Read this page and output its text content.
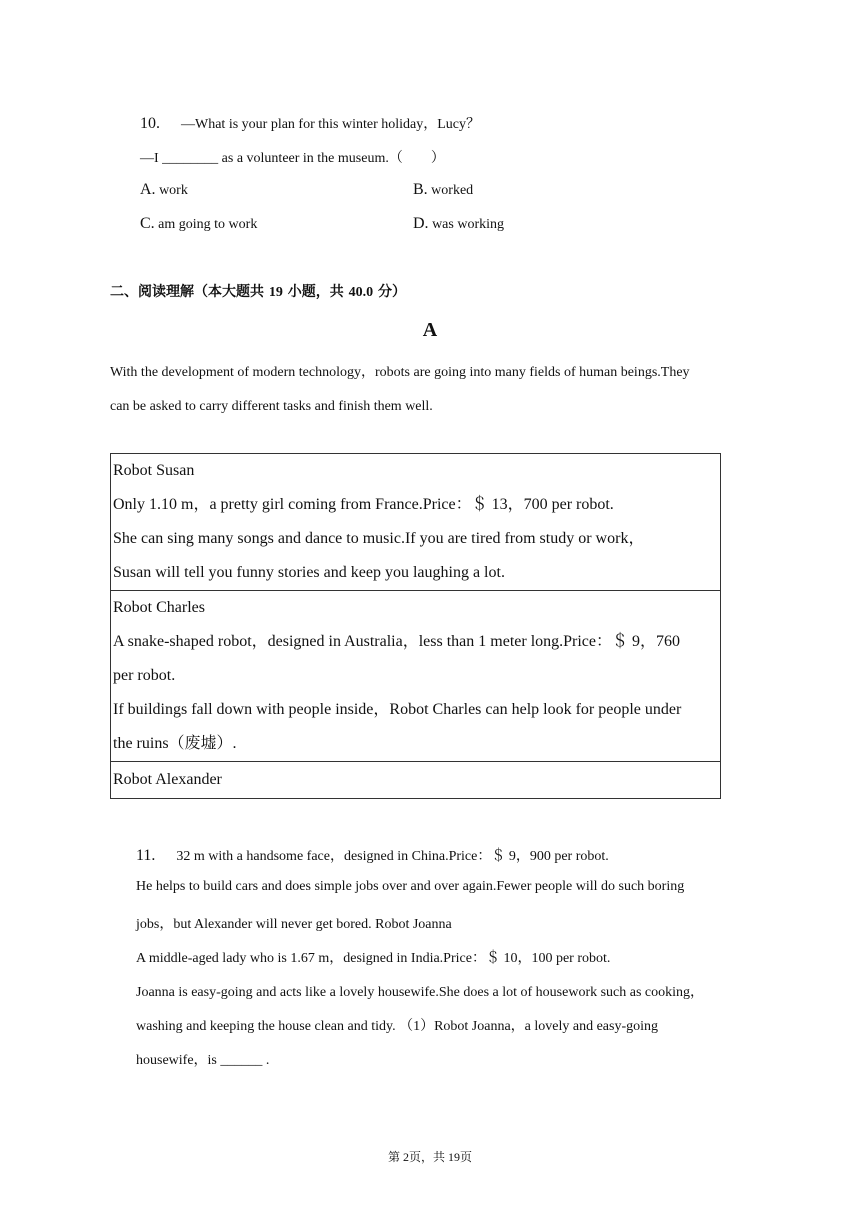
10. —What is your plan for this winter holiday，Lucy？
—I ________ as a volunteer in the museum.（　　）
A. work	B. worked
C. am going to work	D. was working
二、阅读理解（本大题共 19 小题，共 40.0 分）
A
With the development of modern technology，robots are going into many fields of human beings.They
can be asked to carry different tasks and finish them well.
Robot Susan
Only 1.10 m，a pretty girl coming from France.Price：＄ 13，700 per robot.
She can sing many songs and dance to music.If you are tired from study or work，
Susan will tell you funny stories and keep you laughing a lot.

Robot Charles
A snake-shaped robot，designed in Australia，less than 1 meter long.Price：＄ 9，760
per robot.
If buildings fall down with people inside，Robot Charles can help look for people under
the ruins（废墟）.

Robot Alexander
11. 32 m with a handsome face，designed in China.Price：＄ 9，900 per robot.
He helps to build cars and does simple jobs over and over again.Fewer people will do such boring
jobs，but Alexander will never get bored. Robot Joanna
A middle-aged lady who is 1.67 m，designed in India.Price：＄ 10，100 per robot.
Joanna is easy-going and acts like a lovely housewife.She does a lot of housework such as cooking，
washing and keeping the house clean and tidy. （1）Robot Joanna，a lovely and easy-going
housewife，is ______ .
第 2页，共 19页
